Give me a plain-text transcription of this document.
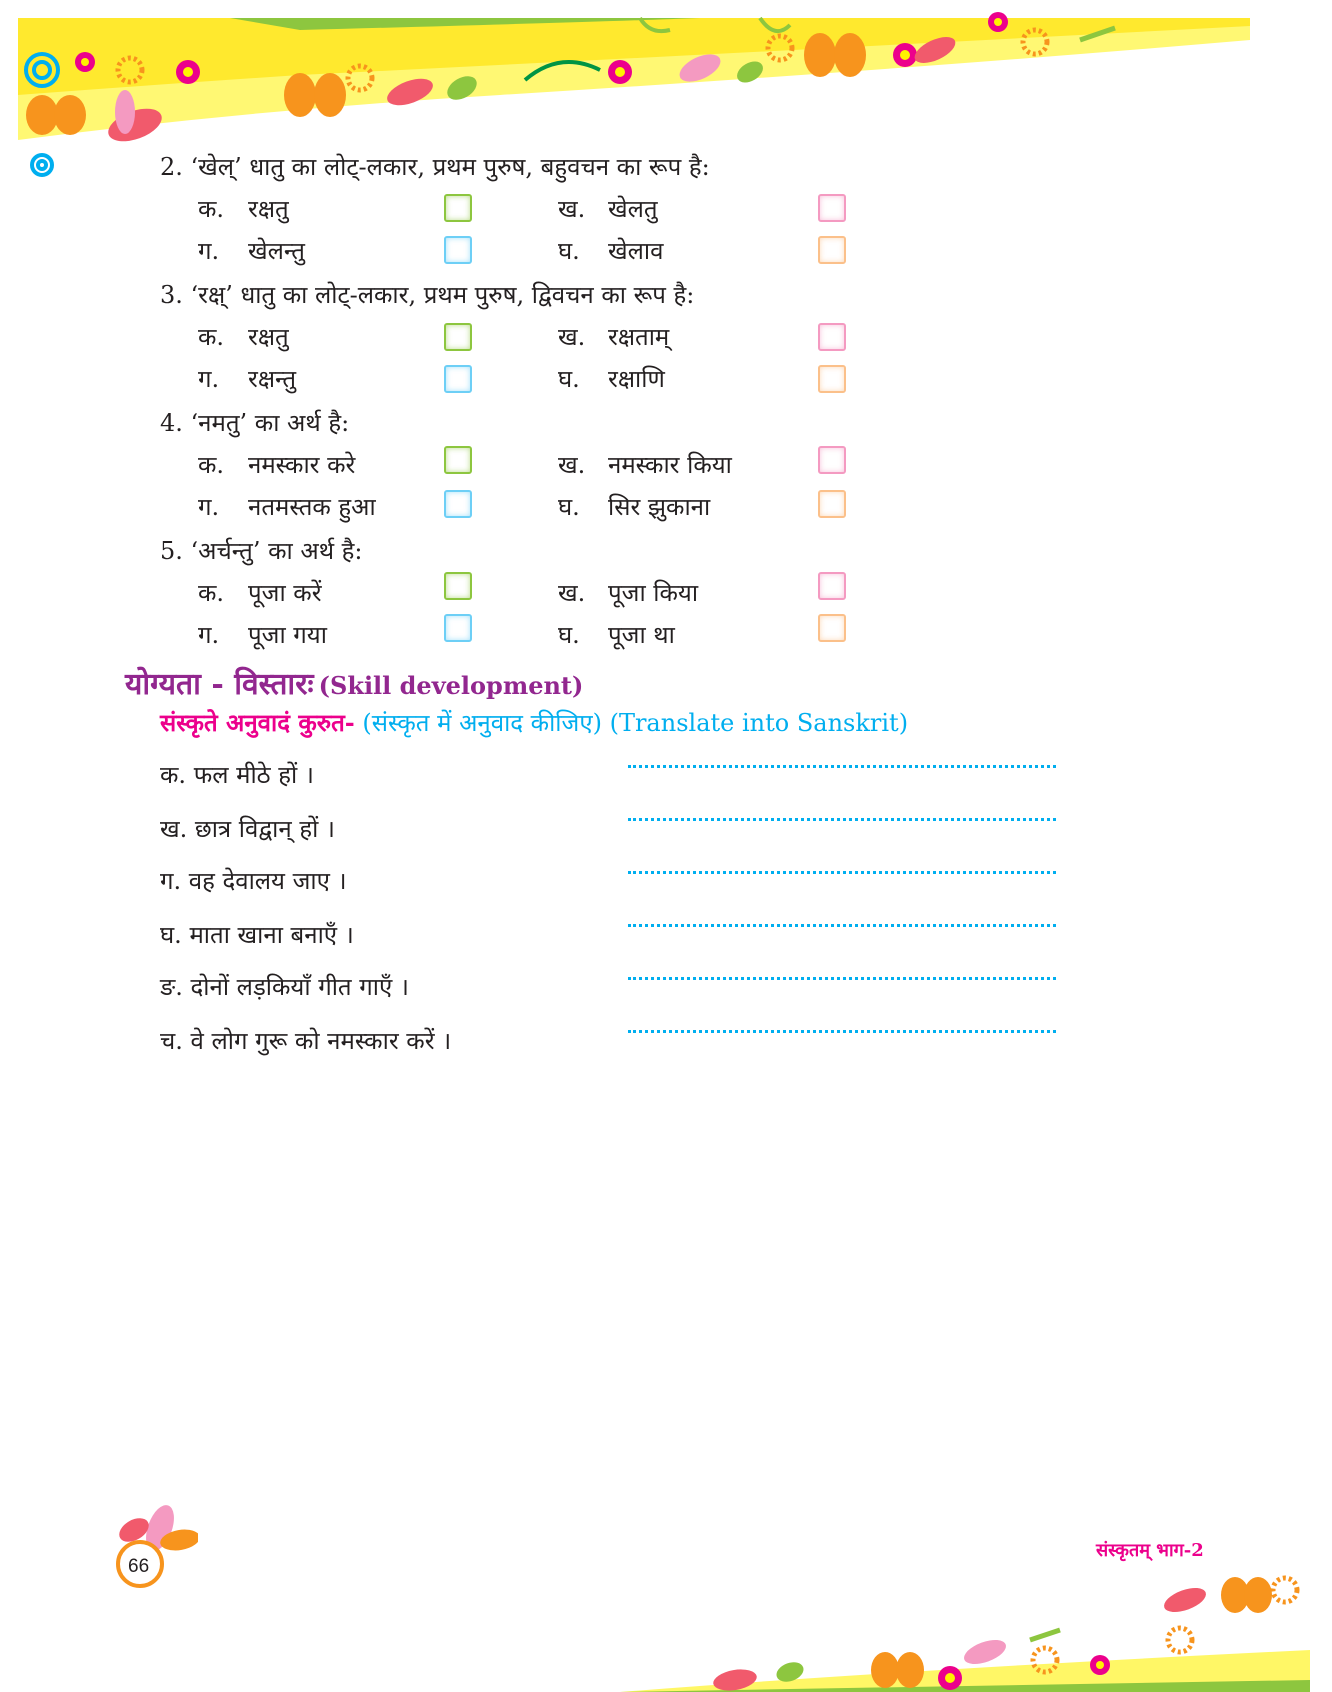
2. ‘खेल्’ धातु का लोट्-लकार, प्रथम पुरुष, बहुवचन का रूप है:
क. रक्षतु	ख. खेलतु
ग. खेलन्तु	घ. खेलाव
3. ‘रक्ष्’ धातु का लोट्-लकार, प्रथम पुरुष, द्विवचन का रूप है:
क. रक्षतु	ख. रक्षताम्
ग. रक्षन्तु	घ. रक्षाणि
4. ‘नमतु’ का अर्थ है:
क. नमस्कार करे	ख. नमस्कार किया
ग. नतमस्तक हुआ	घ. सिर झुकाना
5. ‘अर्चन्तु’ का अर्थ है:
क. पूजा करें	ख. पूजा किया
ग. पूजा गया	घ. पूजा था
योग्यता - विस्तारः (Skill development)
संस्कृते अनुवादं कुरुत- (संस्कृत में अनुवाद कीजिए) (Translate into Sanskrit)
क. फल मीठे हों ।
ख. छात्र विद्वान् हों ।
ग. वह देवालय जाए ।
घ. माता खाना बनाएँ ।
ङ. दोनों लड़कियाँ गीत गाएँ ।
च. वे लोग गुरू को नमस्कार करें ।
66
संस्कृतम् भाग-2
